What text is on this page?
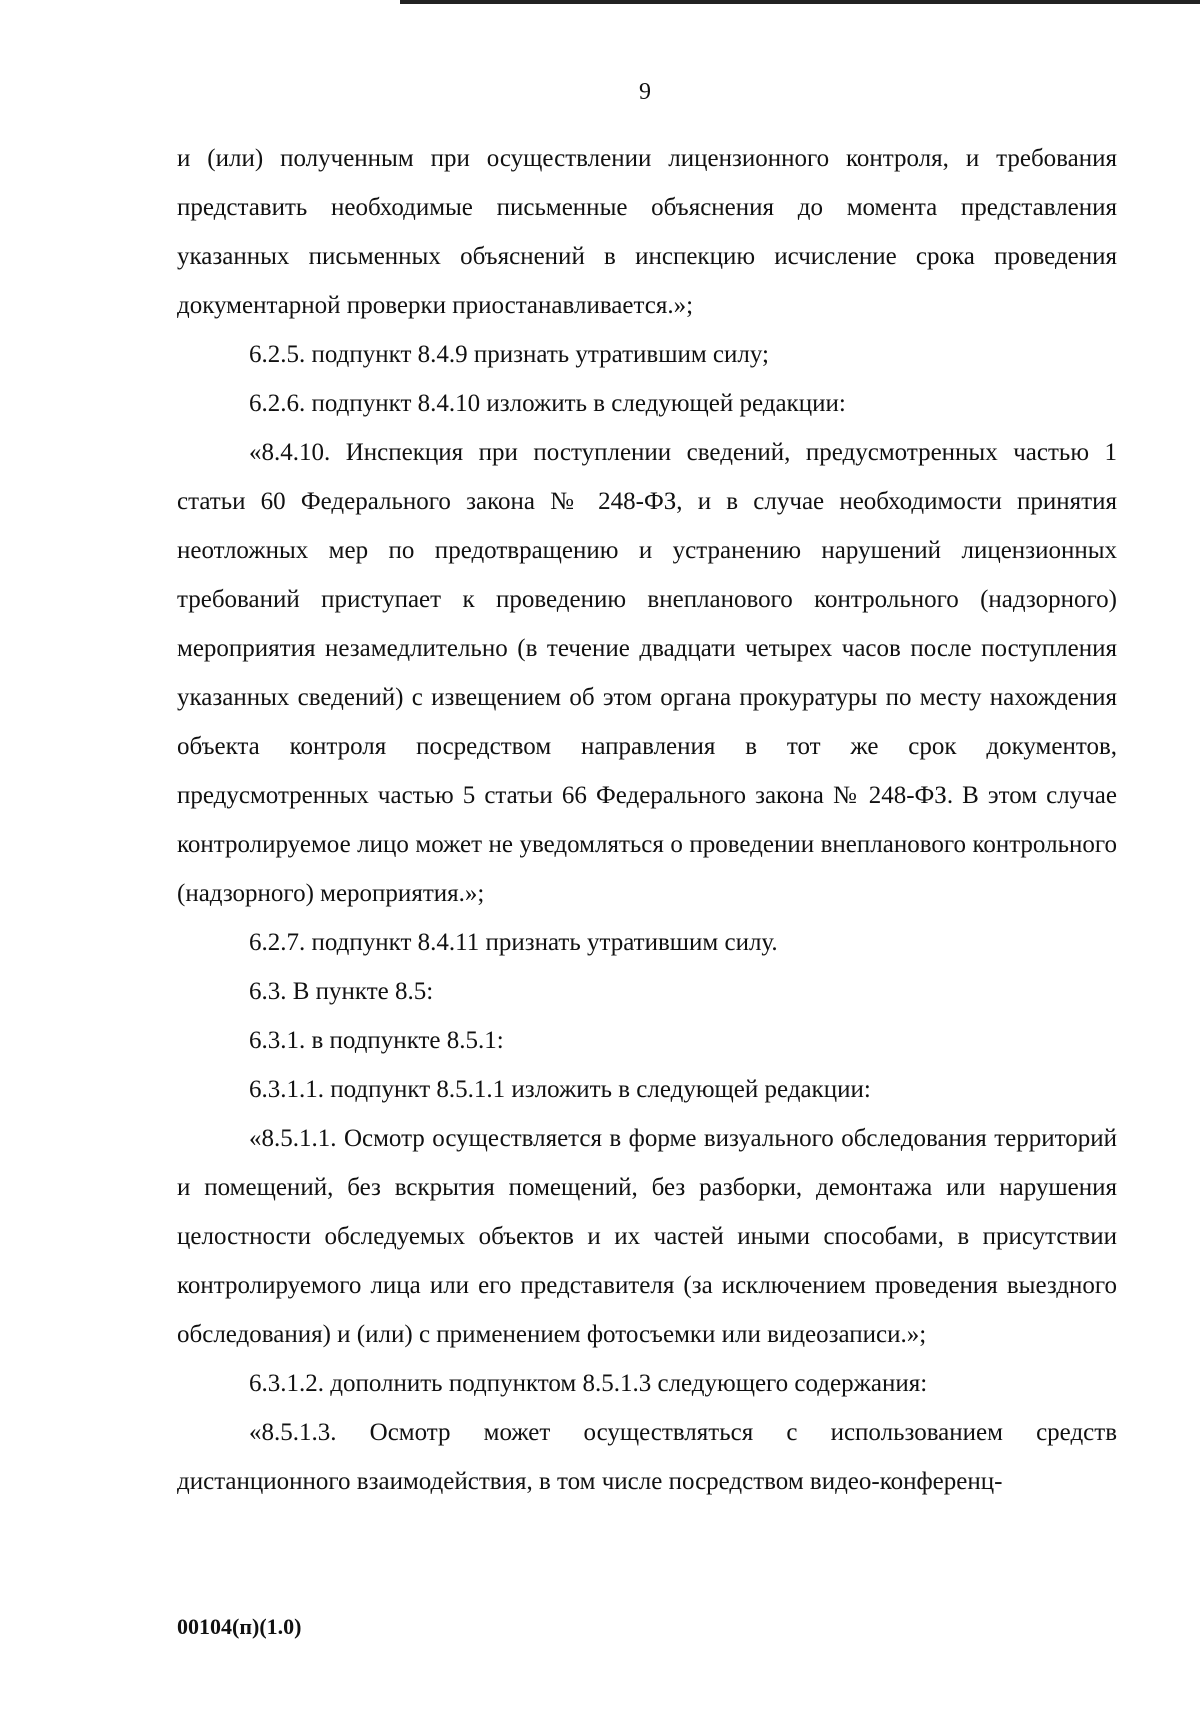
9

и (или) полученным при осуществлении лицензионного контроля, и требования представить необходимые письменные объяснения до момента представления указанных письменных объяснений в инспекцию исчисление срока проведения документарной проверки приостанавливается.»;

6.2.5. подпункт 8.4.9 признать утратившим силу;

6.2.6. подпункт 8.4.10 изложить в следующей редакции:

«8.4.10. Инспекция при поступлении сведений, предусмотренных частью 1 статьи 60 Федерального закона № 248-ФЗ, и в случае необходимости принятия неотложных мер по предотвращению и устранению нарушений лицензионных требований приступает к проведению внепланового контрольного (надзорного) мероприятия незамедлительно (в течение двадцати четырех часов после поступления указанных сведений) с извещением об этом органа прокуратуры по месту нахождения объекта контроля посредством направления в тот же срок документов, предусмотренных частью 5 статьи 66 Федерального закона № 248-ФЗ. В этом случае контролируемое лицо может не уведомляться о проведении внепланового контрольного (надзорного) мероприятия.»;

6.2.7. подпункт 8.4.11 признать утратившим силу.

6.3. В пункте 8.5:

6.3.1. в подпункте 8.5.1:

6.3.1.1. подпункт 8.5.1.1 изложить в следующей редакции:

«8.5.1.1. Осмотр осуществляется в форме визуального обследования территорий и помещений, без вскрытия помещений, без разборки, демонтажа или нарушения целостности обследуемых объектов и их частей иными способами, в присутствии контролируемого лица или его представителя (за исключением проведения выездного обследования) и (или) с применением фотосъемки или видеозаписи.»;

6.3.1.2. дополнить подпунктом 8.5.1.3 следующего содержания:

«8.5.1.3. Осмотр может осуществляться с использованием средств дистанционного взаимодействия, в том числе посредством видео-конференц-

00104(п)(1.0)
